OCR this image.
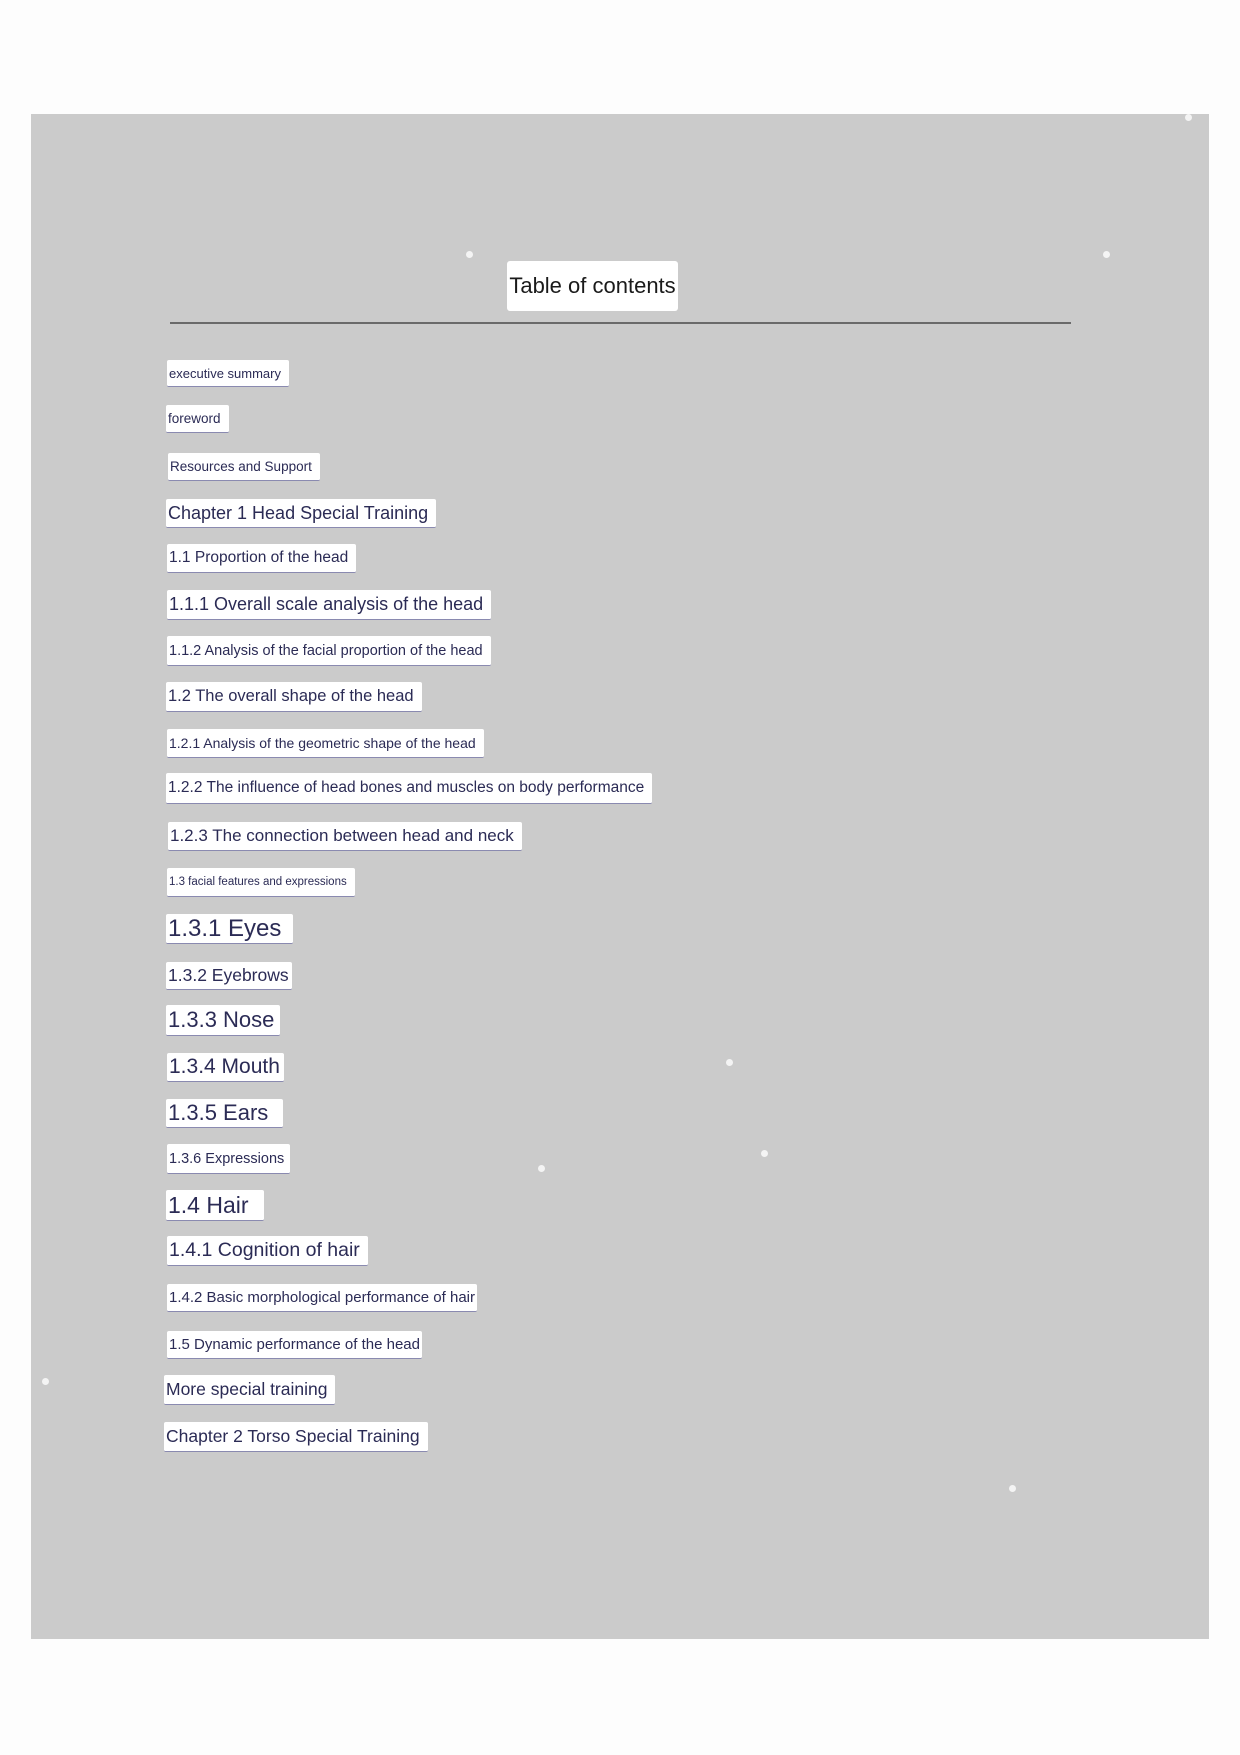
Table of contents
executive summary
foreword
Resources and Support
Chapter 1 Head Special Training
1.1 Proportion of the head
1.1.1 Overall scale analysis of the head
1.1.2 Analysis of the facial proportion of the head
1.2 The overall shape of the head
1.2.1 Analysis of the geometric shape of the head
1.2.2 The influence of head bones and muscles on body performance
1.2.3 The connection between head and neck
1.3 facial features and expressions
1.3.1 Eyes
1.3.2 Eyebrows
1.3.3 Nose
1.3.4 Mouth
1.3.5 Ears
1.3.6 Expressions
1.4 Hair
1.4.1 Cognition of hair
1.4.2 Basic morphological performance of hair
1.5 Dynamic performance of the head
More special training
Chapter 2 Torso Special Training
